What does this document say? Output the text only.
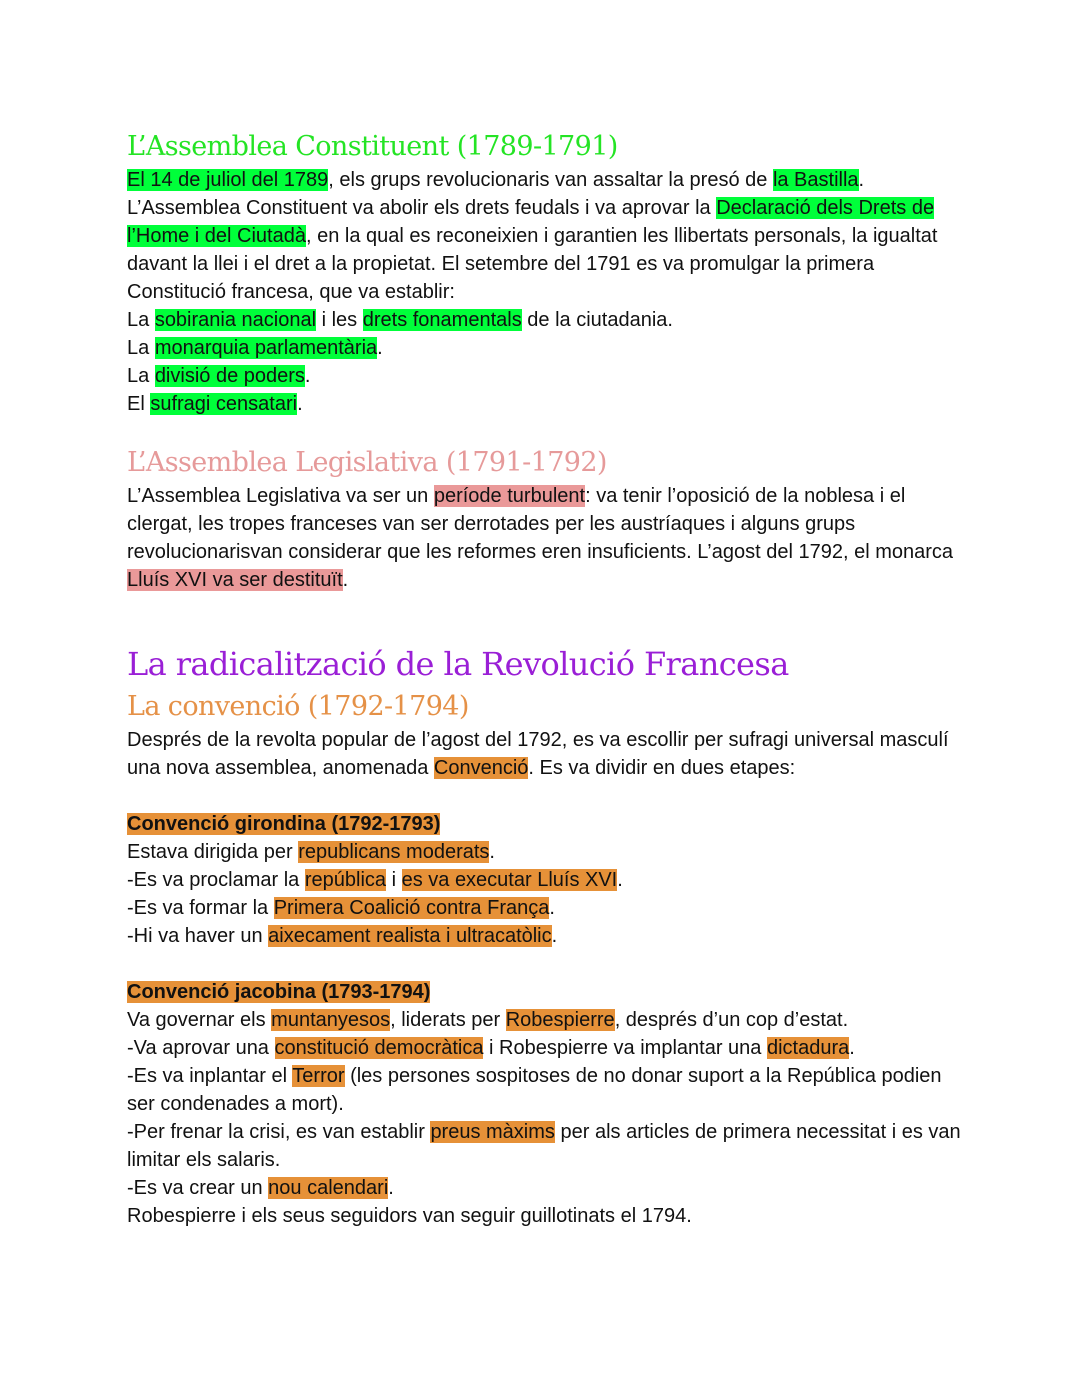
L’Assemblea Constituent (1789-1791)

El 14 de juliol del 1789, els grups revolucionaris van assaltar la presó de la Bastilla.
L’Assemblea Constituent va abolir els drets feudals i va aprovar la Declaració dels Drets de l’Home i del Ciutadà, en la qual es reconeixien i garantien les llibertats personals, la igualtat davant la llei i el dret a la propietat. El setembre del 1791 es va promulgar la primera Constitució francesa, que va establir:

La sobirania nacional i les drets fonamentals de la ciutadania.
La monarquia parlamentària.
La divisió de poders.
El sufragi censatari.
L’Assemblea Legislativa (1791-1792)

L’Assemblea Legislativa va ser un període turbulent: va tenir l’oposició de la noblesa i el clergat, les tropes franceses van ser derrotades per les austríaques i alguns grups revolucionarisvan considerar que les reformes eren insuficients. L’agost del 1792, el monarca Lluís XVI va ser destituït.

La radicalització de la Revolució Francesa
La convenció (1792-1794)

Després de la revolta popular de l’agost del 1792, es va escollir per sufragi universal masculí una nova assemblea, anomenada Convenció. Es va dividir en dues etapes:

Convenció girondina (1792-1793)
Estava dirigida per republicans moderats.
-Es va proclamar la república i es va executar Lluís XVI.
-Es va formar la Primera Coalició contra França.
-Hi va haver un aixecament realista i ultracatòlic.
Convenció jacobina (1793-1794)
Va governar els muntanyesos, liderats per Robespierre, després d’un cop d’estat.
-Va aprovar una constitució democràtica i Robespierre va implantar una dictadura.

-Es va inplantar el Terror (les persones sospitoses de no donar suport a la República podien ser condenades a mort).

-Per frenar la crisi, es van establir preus màxims per als articles de primera necessitat i es van limitar els salaris.

-Es va crear un nou calendari.
Robespierre i els seus seguidors van seguir guillotinats el 1794.
